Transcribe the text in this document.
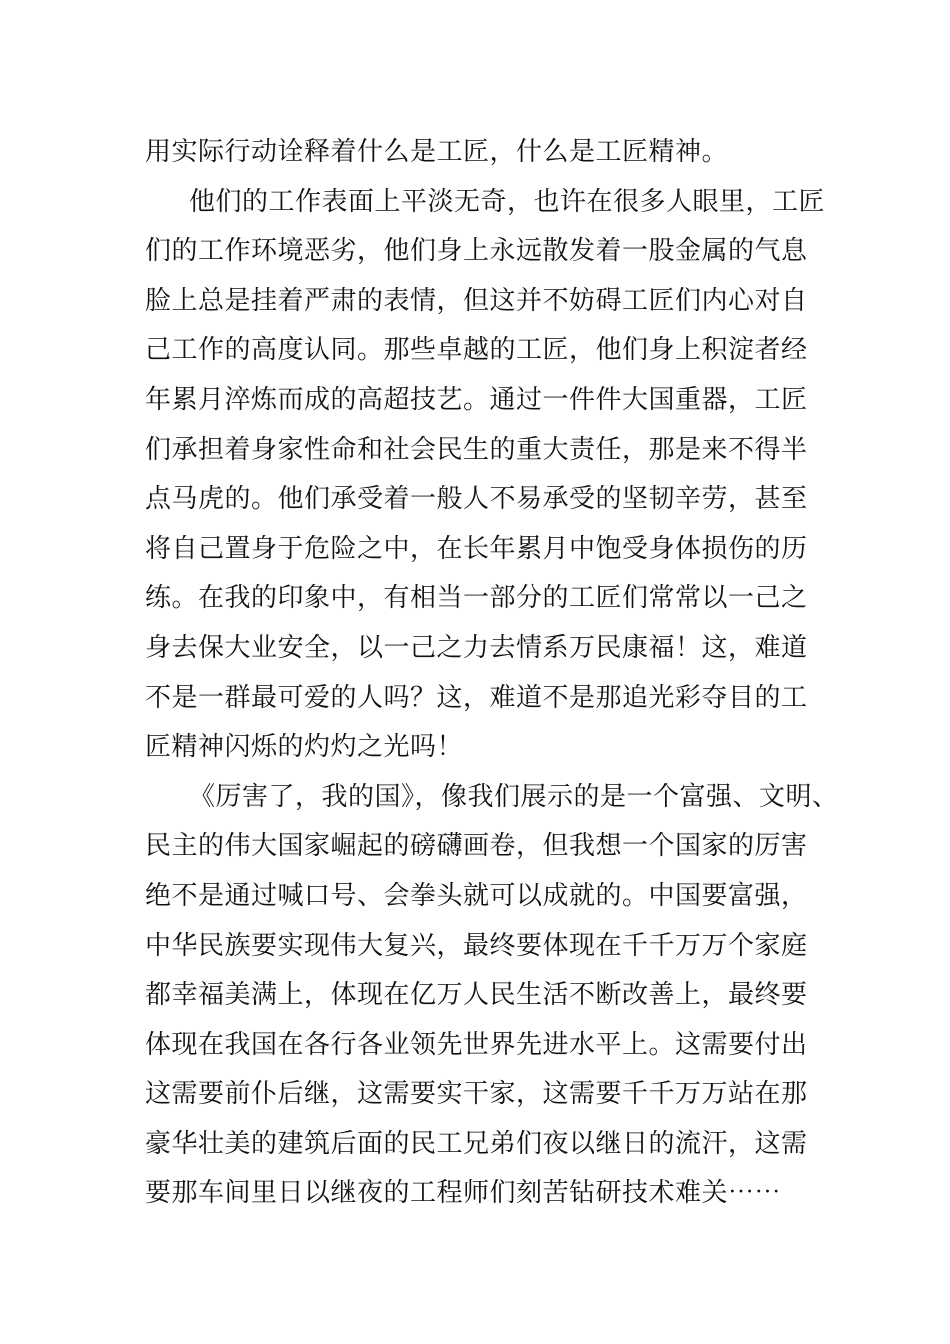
用实际行动诠释着什么是工匠，什么是工匠精神。
他们的工作表面上平淡无奇，也许在很多人眼里，工匠
们的工作环境恶劣，他们身上永远散发着一股金属的气息
脸上总是挂着严肃的表情，但这并不妨碍工匠们内心对自
己工作的高度认同。那些卓越的工匠，他们身上积淀者经
年累月淬炼而成的高超技艺。通过一件件大国重器，工匠
们承担着身家性命和社会民生的重大责任，那是来不得半
点马虎的。他们承受着一般人不易承受的坚韧辛劳，甚至
将自己置身于危险之中，在长年累月中饱受身体损伤的历
练。在我的印象中，有相当一部分的工匠们常常以一己之
身去保大业安全，以一己之力去情系万民康福！这，难道
不是一群最可爱的人吗？这，难道不是那追光彩夺目的工
匠精神闪烁的灼灼之光吗！
《厉害了，我的国》，像我们展示的是一个富强、文明、
民主的伟大国家崛起的磅礴画卷，但我想一个国家的厉害
绝不是通过喊口号、会拳头就可以成就的。中国要富强，
中华民族要实现伟大复兴，最终要体现在千千万万个家庭
都幸福美满上，体现在亿万人民生活不断改善上，最终要
体现在我国在各行各业领先世界先进水平上。这需要付出
这需要前仆后继，这需要实干家，这需要千千万万站在那
豪华壮美的建筑后面的民工兄弟们夜以继日的流汗，这需
要那车间里日以继夜的工程师们刻苦钻研技术难关⋯⋯
